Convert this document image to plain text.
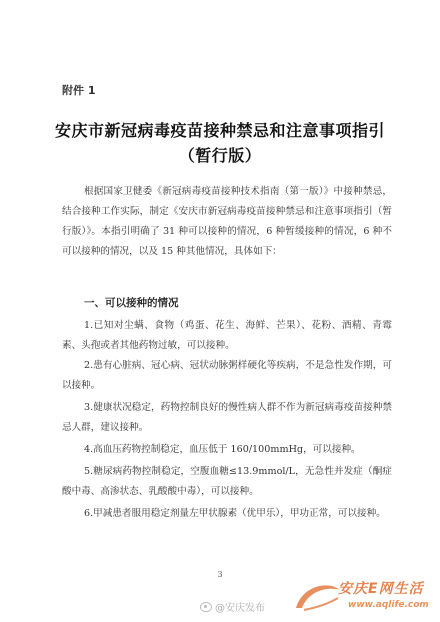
附件 1
安庆市新冠病毒疫苗接种禁忌和注意事项指引
（暂行版）

根据国家卫健委《新冠病毒疫苗接种技术指南（第一版）》中接种禁忌，结合接种工作实际，制定《安庆市新冠病毒疫苗接种禁忌和注意事项指引（暂行版）》。本指引明确了 31 种可以接种的情况，6 种暂缓接种的情况，6 种不可以接种的情况，以及 15 种其他情况，具体如下：

一、可以接种的情况

1.已知对尘螨、食物（鸡蛋、花生、海鲜、芒果）、花粉、酒精、青霉素、头孢或者其他药物过敏，可以接种。

2.患有心脏病、冠心病、冠状动脉粥样硬化等疾病，不是急性发作期，可以接种。

3.健康状况稳定，药物控制良好的慢性病人群不作为新冠病毒疫苗接种禁忌人群，建议接种。

4.高血压药物控制稳定，血压低于 160/100mmHg，可以接种。

5.糖尿病药物控制稳定，空腹血糖≤13.9mmol/L，无急性并发症（酮症酸中毒、高渗状态、乳酸酸中毒），可以接种。

6.甲减患者服用稳定剂量左甲状腺素（优甲乐），甲功正常，可以接种。

3
@安庆发布
安庆E网生活
www.aqlife.com
